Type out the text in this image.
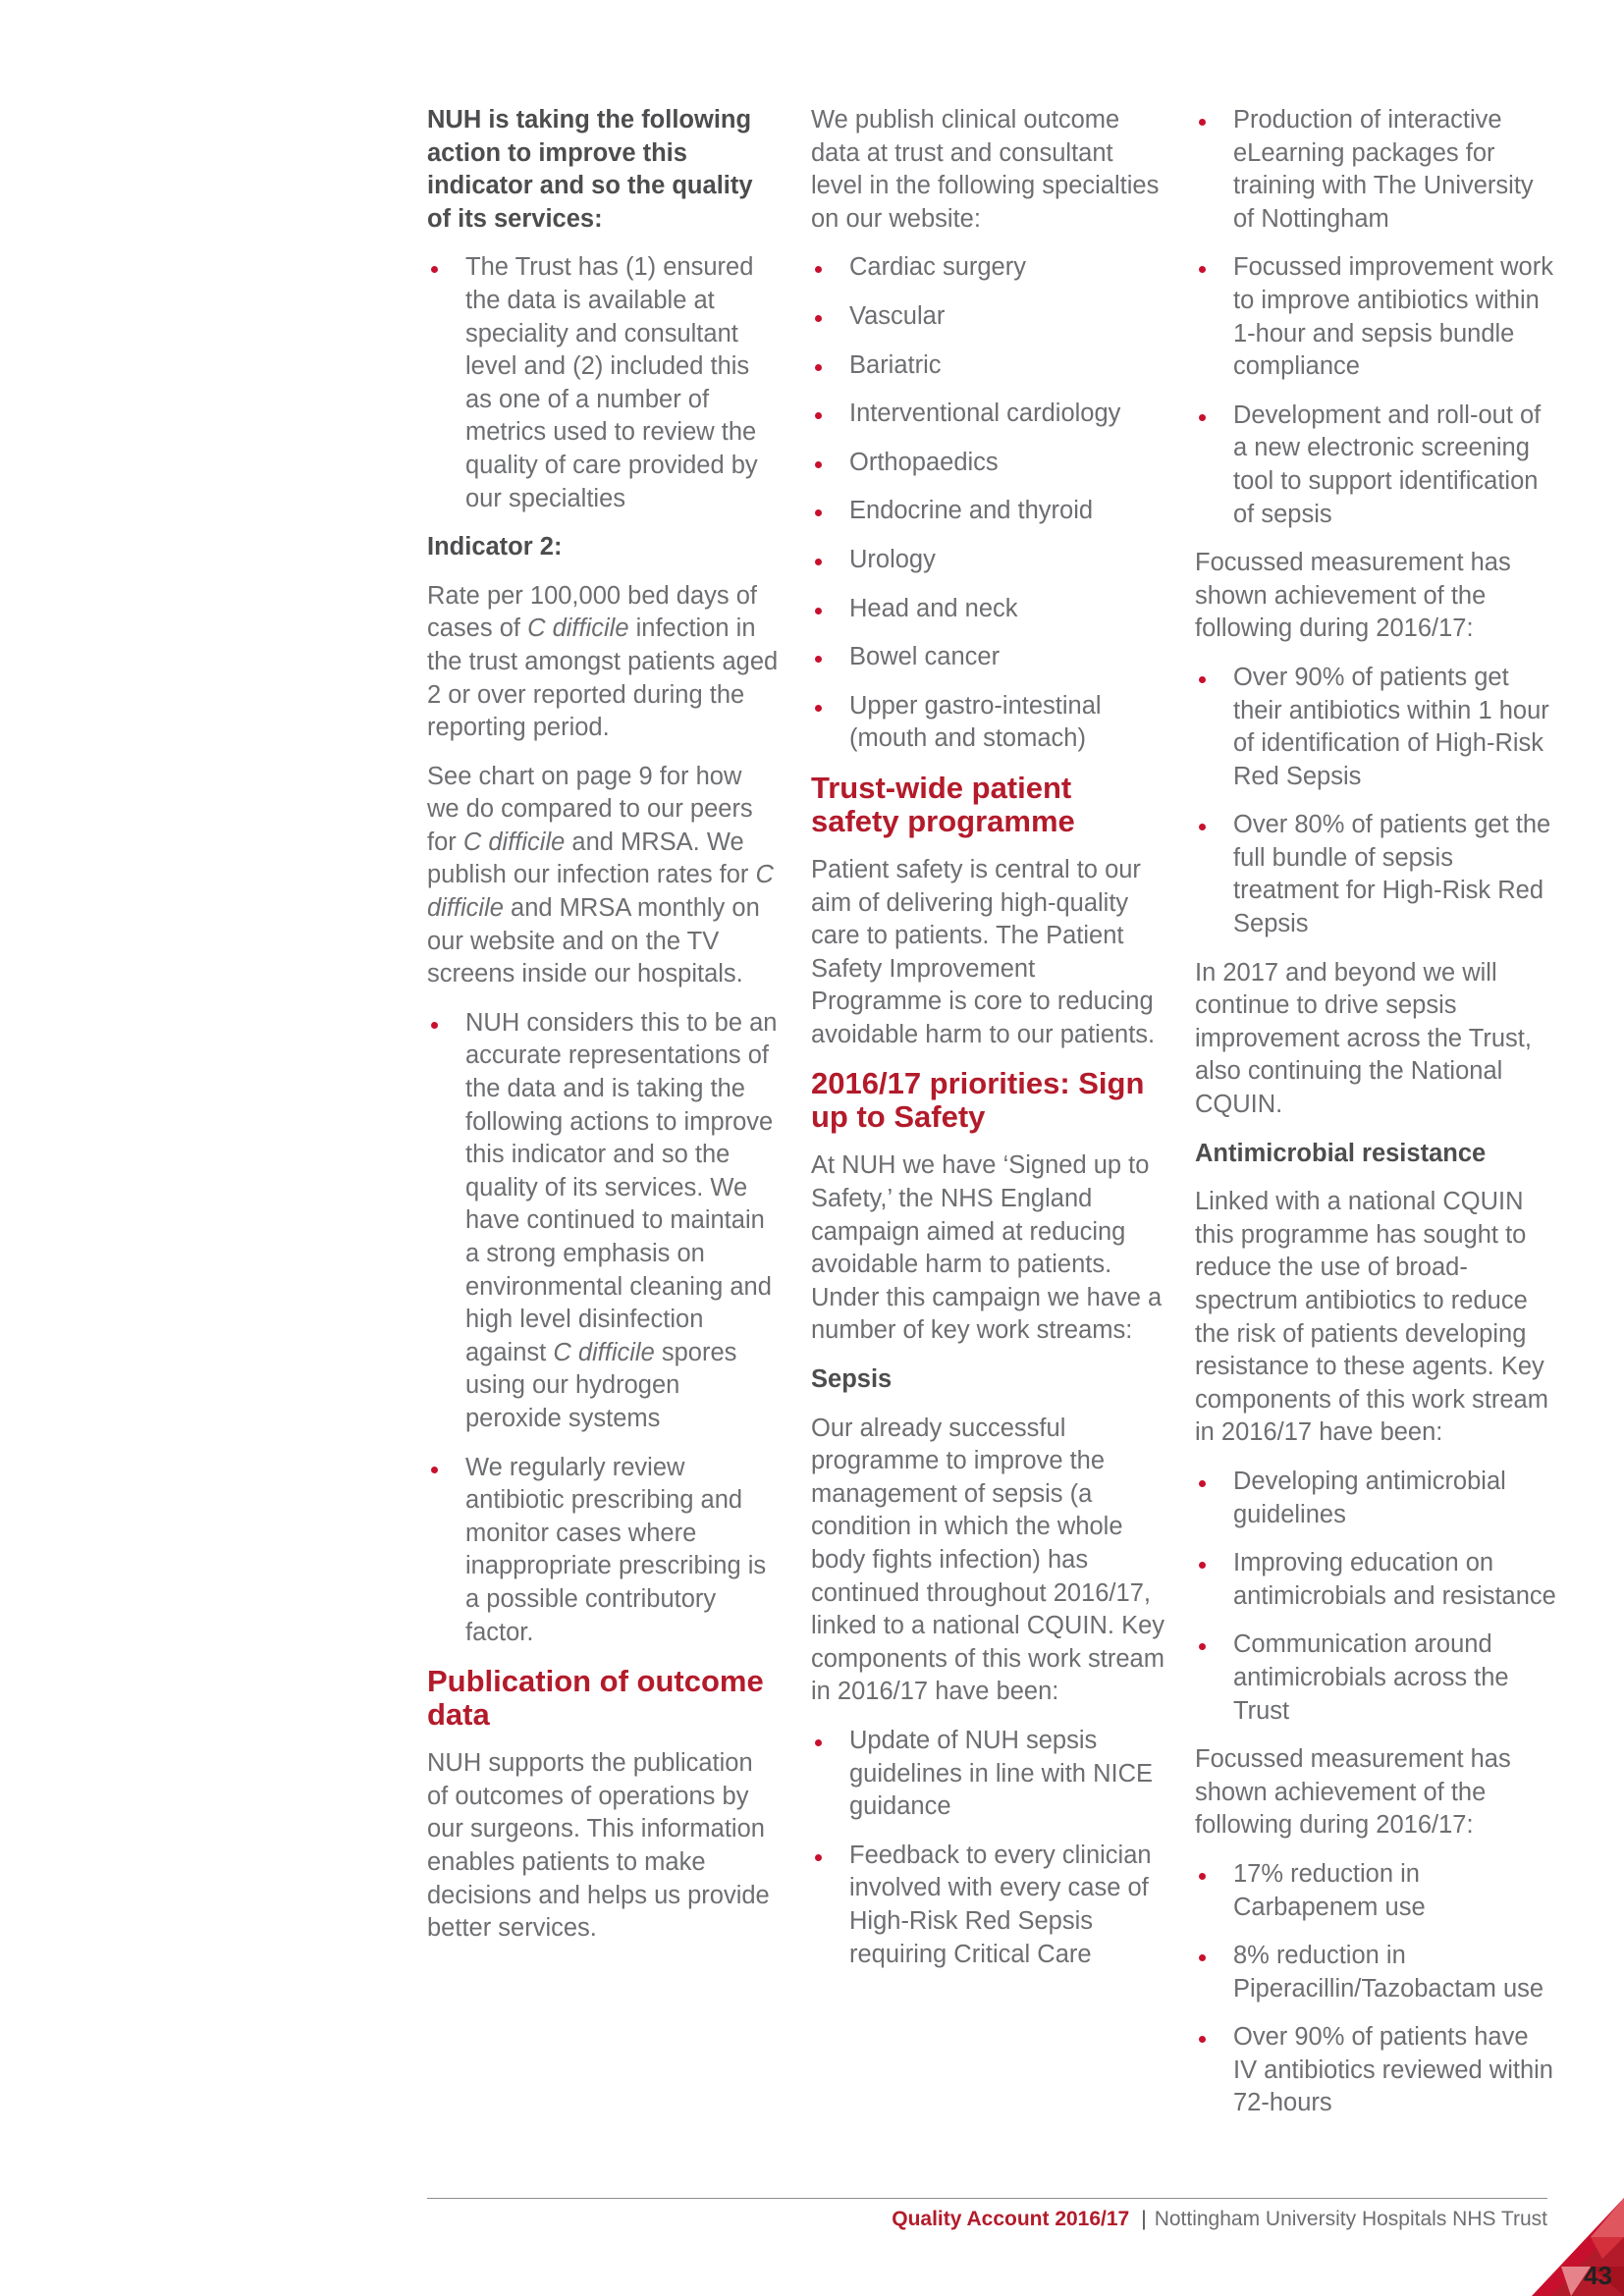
NUH is taking the following action to improve this indicator and so the quality of its services:

The Trust has (1) ensured the data is available at speciality and consultant level and (2) included this as one of a number of metrics used to review the quality of care provided by our specialties
Indicator 2:

Rate per 100,000 bed days of cases of C difficile infection in the trust amongst patients aged 2 or over reported during the reporting period.

See chart on page 9 for how we do compared to our peers for C difficile and MRSA. We publish our infection rates for C difficile and MRSA monthly on our website and on the TV screens inside our hospitals.

NUH considers this to be an accurate representations of the data and is taking the following actions to improve this indicator and so the quality of its services. We have continued to maintain a strong emphasis on environmental cleaning and high level disinfection against C difficile spores using our hydrogen peroxide systems
We regularly review antibiotic prescribing and monitor cases where inappropriate prescribing is a possible contributory factor.
Publication of outcome data

NUH supports the publication of outcomes of operations by our surgeons. This information enables patients to make decisions and helps us provide better services.

We publish clinical outcome data at trust and consultant level in the following specialties on our website:

Cardiac surgery
Vascular
Bariatric
Interventional cardiology
Orthopaedics
Endocrine and thyroid
Urology
Head and neck
Bowel cancer
Upper gastro-intestinal (mouth and stomach)
Trust-wide patient safety programme

Patient safety is central to our aim of delivering high-quality care to patients. The Patient Safety Improvement Programme is core to reducing avoidable harm to our patients.

2016/17 priorities: Sign up to Safety

At NUH we have ‘Signed up to Safety,’ the NHS England campaign aimed at reducing avoidable harm to patients. Under this campaign we have a number of key work streams:

Sepsis

Our already successful programme to improve the management of sepsis (a condition in which the whole body fights infection) has continued throughout 2016/17, linked to a national CQUIN. Key components of this work stream in 2016/17 have been:

Update of NUH sepsis guidelines in line with NICE guidance
Feedback to every clinician involved with every case of High-Risk Red Sepsis requiring Critical Care
Production of interactive eLearning packages for training with The University of Nottingham
Focussed improvement work to improve antibiotics within 1-hour and sepsis bundle compliance
Development and roll-out of a new electronic screening tool to support identification of sepsis

Focussed measurement has shown achievement of the following during 2016/17:

Over 90% of patients get their antibiotics within 1 hour of identification of High-Risk Red Sepsis
Over 80% of patients get the full bundle of sepsis treatment for High-Risk Red Sepsis

In 2017 and beyond we will continue to drive sepsis improvement across the Trust, also continuing the National CQUIN.

Antimicrobial resistance

Linked with a national CQUIN this programme has sought to reduce the use of broad-spectrum antibiotics to reduce the risk of patients developing resistance to these agents. Key components of this work stream in 2016/17 have been:

Developing antimicrobial guidelines
Improving education on antimicrobials and resistance
Communication around antimicrobials across the Trust

Focussed measurement has shown achievement of the following during 2016/17:

17% reduction in Carbapenem use
8% reduction in Piperacillin/Tazobactam use
Over 90% of patients have IV antibiotics reviewed within 72-hours
Quality Account 2016/17 | Nottingham University Hospitals NHS Trust
43
